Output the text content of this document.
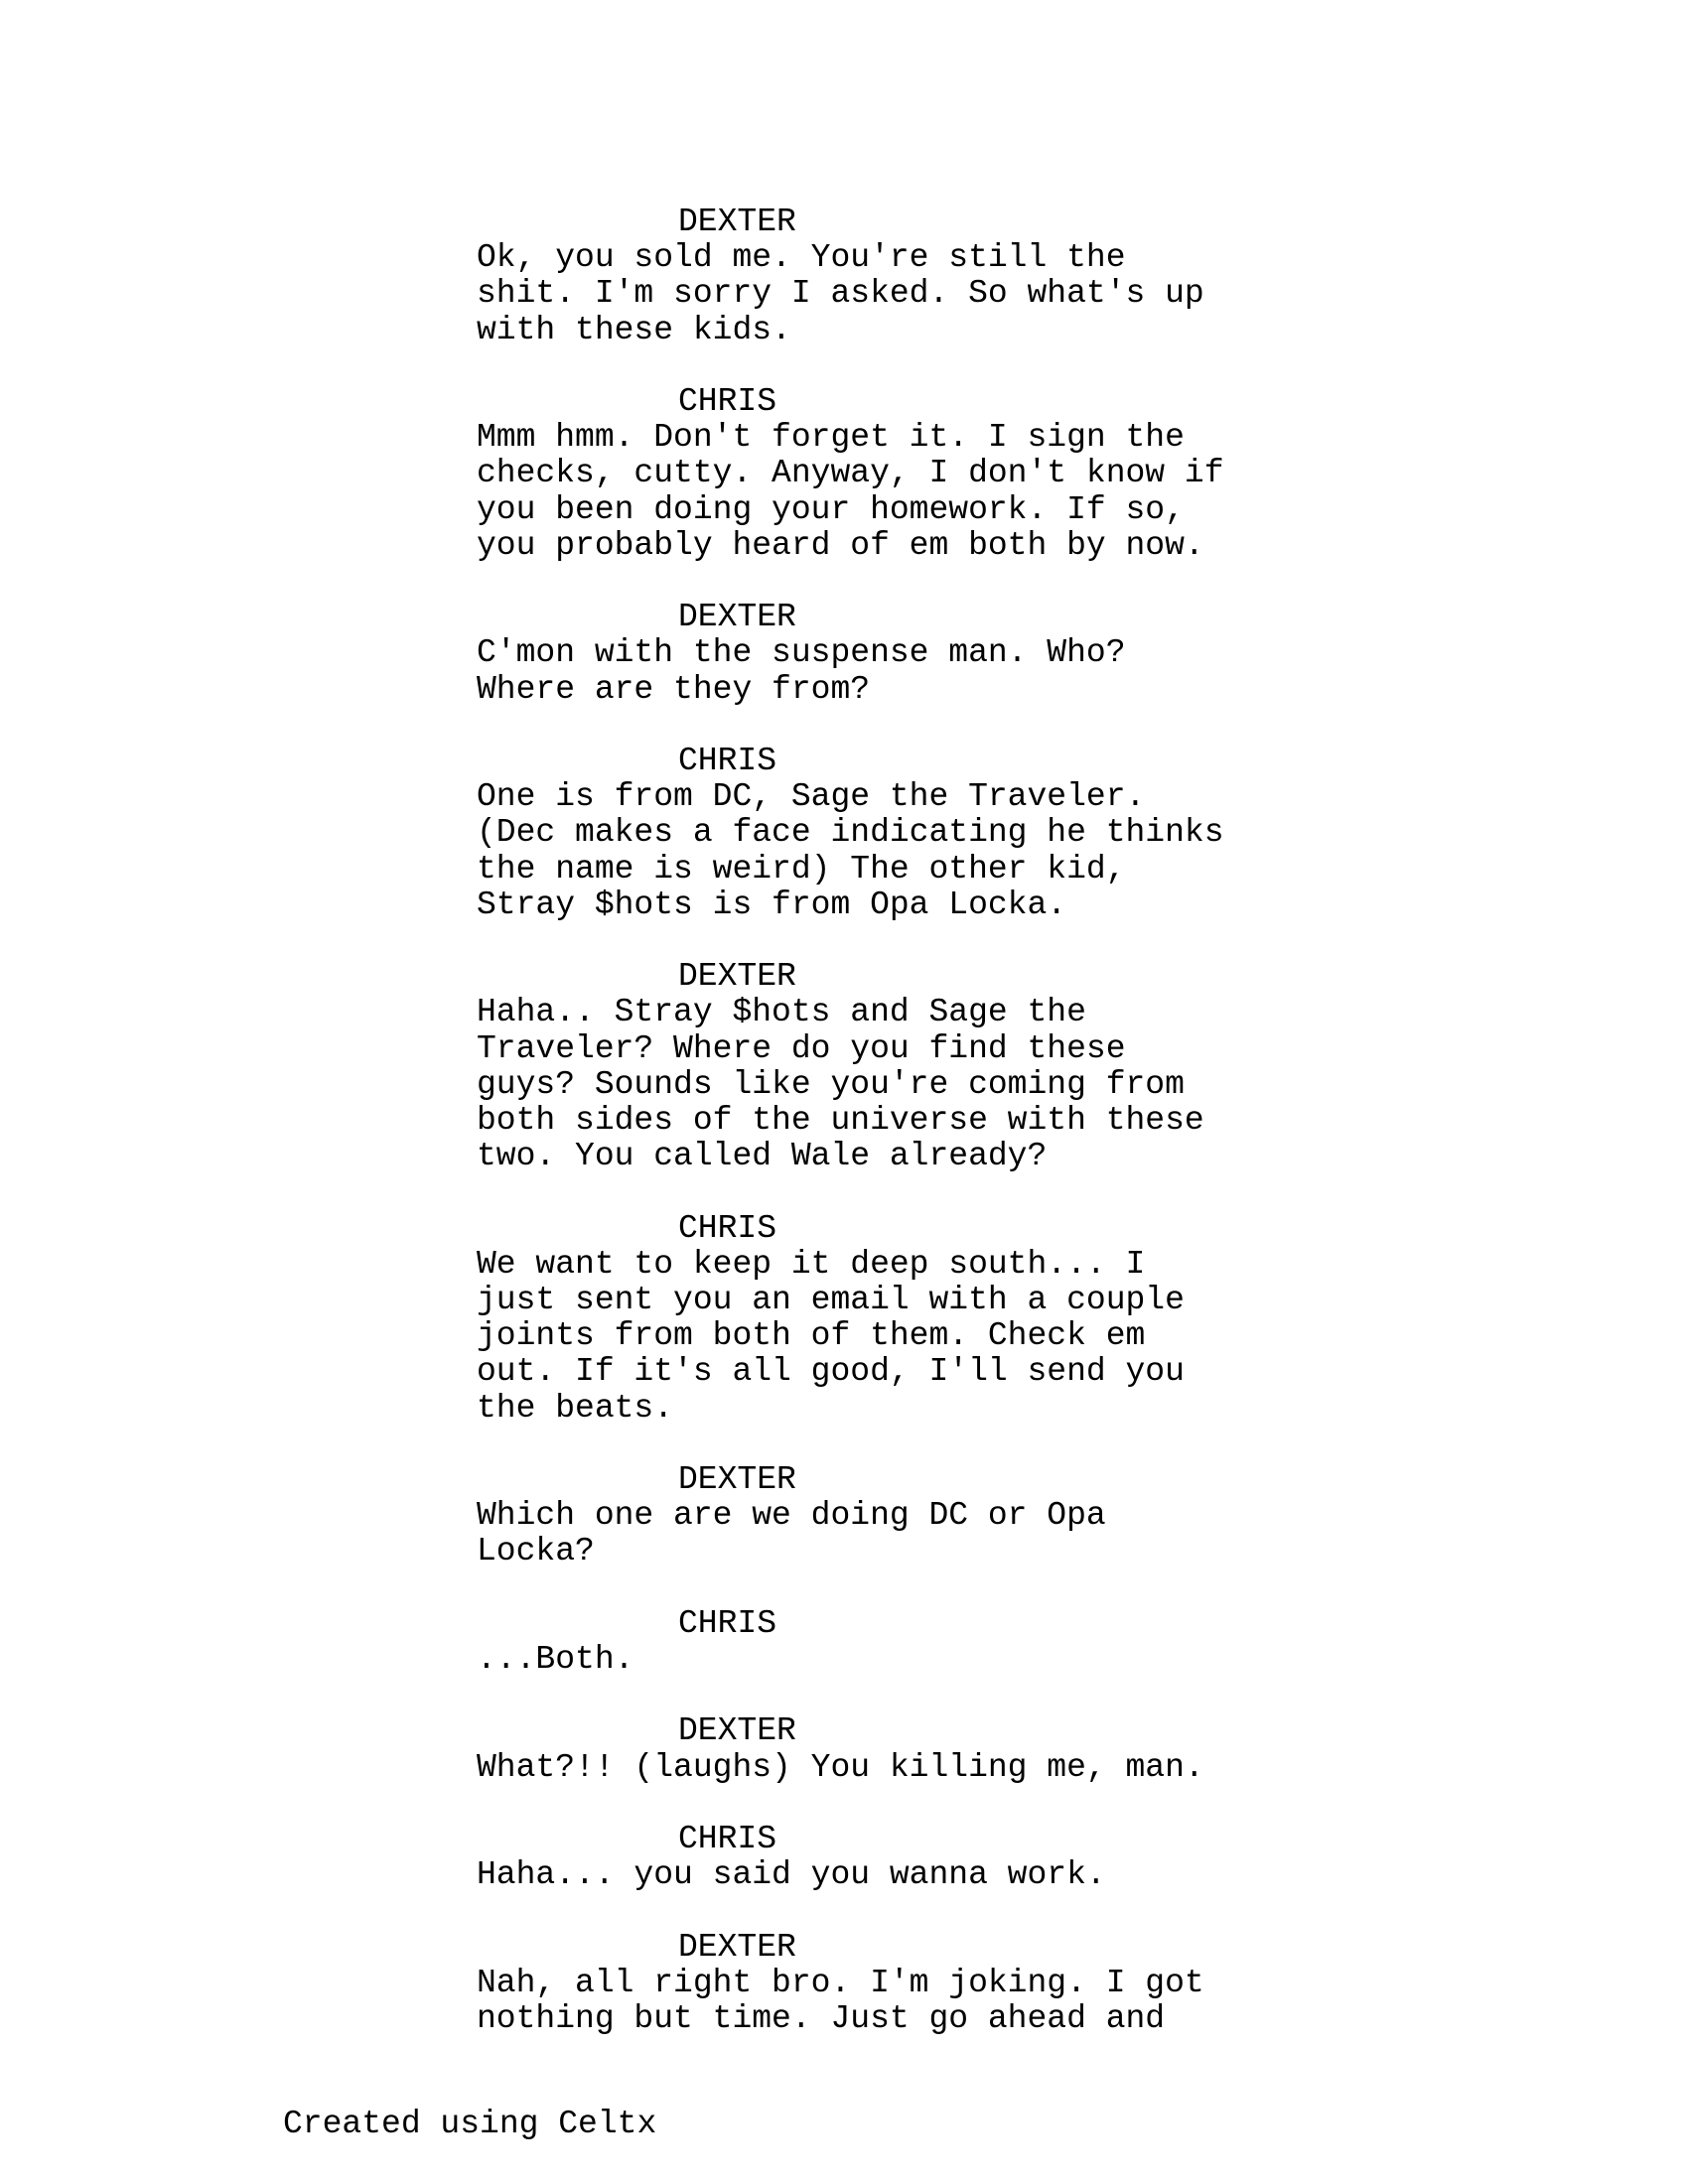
DEXTER
Ok, you sold me. You're still the
shit. I'm sorry I asked. So what's up
with these kids.
CHRIS
Mmm hmm. Don't forget it. I sign the
checks, cutty. Anyway, I don't know if
you been doing your homework. If so,
you probably heard of em both by now.
DEXTER
C'mon with the suspense man. Who?
Where are they from?
CHRIS
One is from DC, Sage the Traveler.
(Dec makes a face indicating he thinks
the name is weird) The other kid,
Stray $hots is from Opa Locka.
DEXTER
Haha.. Stray $hots and Sage the
Traveler? Where do you find these
guys? Sounds like you're coming from
both sides of the universe with these
two. You called Wale already?
CHRIS
We want to keep it deep south... I
just sent you an email with a couple
joints from both of them. Check em
out. If it's all good, I'll send you
the beats.
DEXTER
Which one are we doing DC or Opa
Locka?
CHRIS
...Both.
DEXTER
What?!! (laughs) You killing me, man.
CHRIS
Haha... you said you wanna work.
DEXTER
Nah, all right bro. I'm joking. I got
nothing but time. Just go ahead and
Created using Celtx
